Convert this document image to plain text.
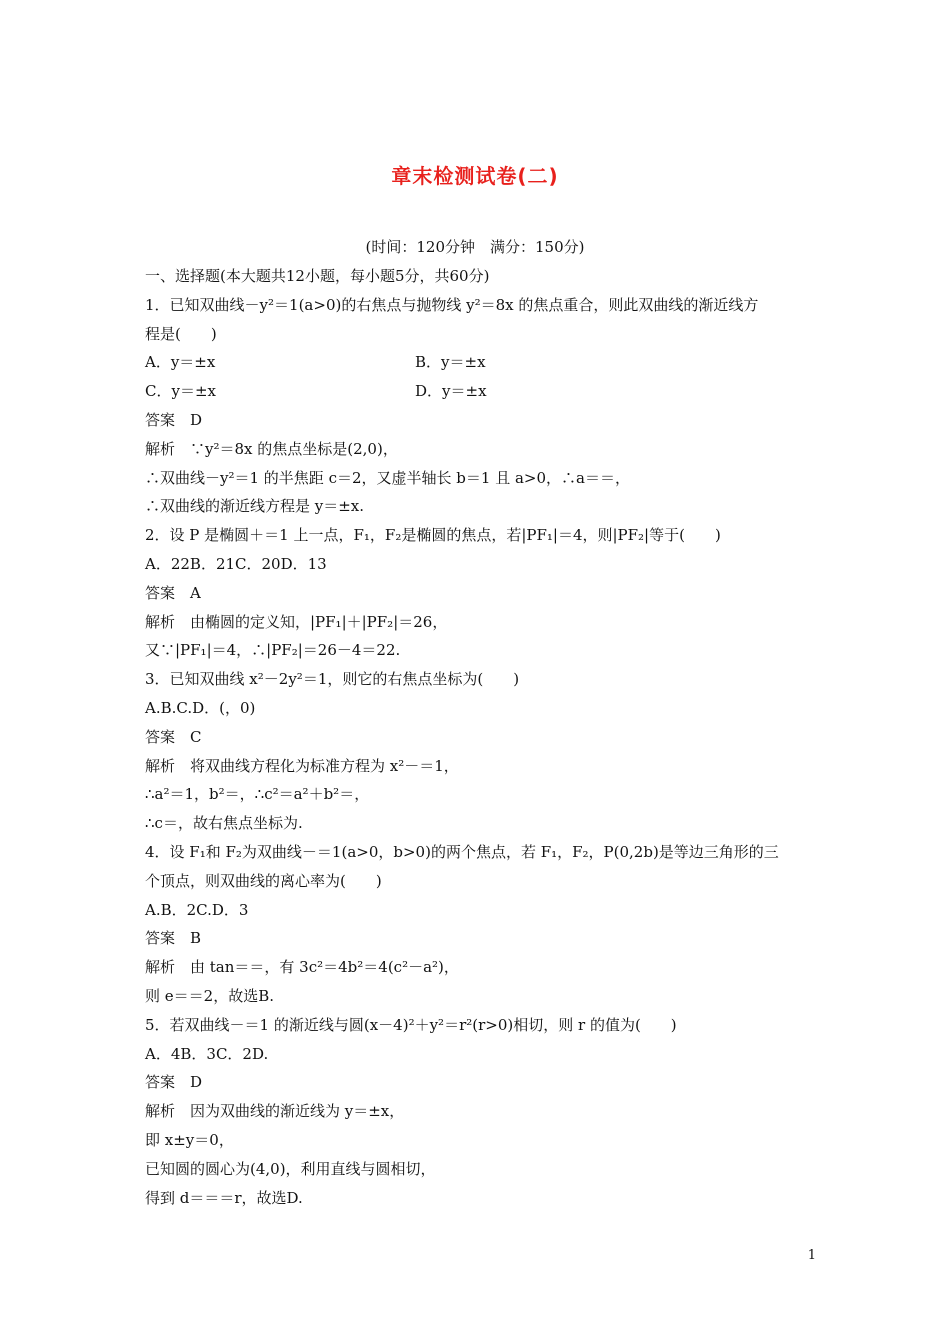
章末检测试卷(二)
(时间：120分钟　满分：150分)
一、选择题(本大题共12小题，每小题5分，共60分)
1．已知双曲线－y²＝1(a>0)的右焦点与抛物线 y²＝8x 的焦点重合，则此双曲线的渐近线方
程是(　　)
A．y＝±x	B．y＝±x
C．y＝±x	D．y＝±x
答案　D
解析　∵y²＝8x 的焦点坐标是(2,0)，
∴双曲线－y²＝1 的半焦距 c＝2，又虚半轴长 b＝1 且 a>0，∴a＝＝，
∴双曲线的渐近线方程是 y＝±x.
2．设 P 是椭圆＋＝1 上一点，F₁，F₂是椭圆的焦点，若|PF₁|＝4，则|PF₂|等于(　　)
A．22B．21C．20D．13
答案　A
解析　由椭圆的定义知，|PF₁|＋|PF₂|＝26，
又∵|PF₁|＝4，∴|PF₂|＝26－4＝22.
3．已知双曲线 x²－2y²＝1，则它的右焦点坐标为(　　)
A.B.C.D．(，0)
答案　C
解析　将双曲线方程化为标准方程为 x²－＝1，
∴a²＝1，b²＝，∴c²＝a²＋b²＝，
∴c＝，故右焦点坐标为.
4．设 F₁和 F₂为双曲线－＝1(a>0，b>0)的两个焦点，若 F₁，F₂，P(0,2b)是等边三角形的三
个顶点，则双曲线的离心率为(　　)
A.B．2C.D．3
答案　B
解析　由 tan＝＝，有 3c²＝4b²＝4(c²－a²)，
则 e＝＝2，故选B.
5．若双曲线－＝1 的渐近线与圆(x－4)²＋y²＝r²(r>0)相切，则 r 的值为(　　)
A．4B．3C．2D.
答案　D
解析　因为双曲线的渐近线为 y＝±x，
即 x±y＝0，
已知圆的圆心为(4,0)，利用直线与圆相切，
得到 d＝＝＝r，故选D.
1
